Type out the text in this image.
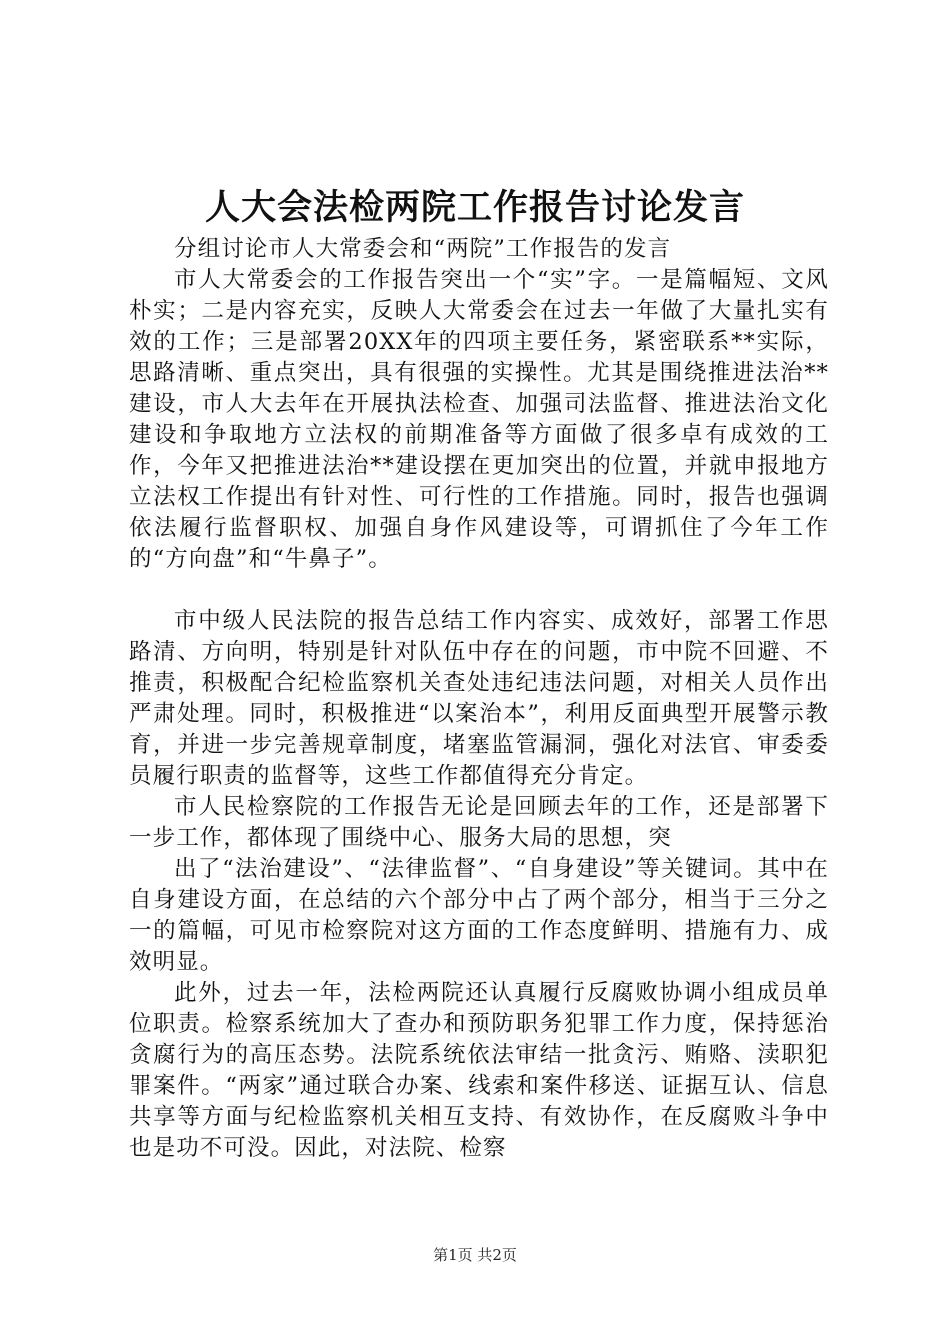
人大会法检两院工作报告讨论发言

分组讨论市人大常委会和“两院”工作报告的发言

市人大常委会的工作报告突出一个“实”字。一是篇幅短、文风朴实；二是内容充实，反映人大常委会在过去一年做了大量扎实有效的工作；三是部署20XX年的四项主要任务，紧密联系**实际，思路清晰、重点突出，具有很强的实操性。尤其是围绕推进法治**建设，市人大去年在开展执法检查、加强司法监督、推进法治文化建设和争取地方立法权的前期准备等方面做了很多卓有成效的工作，今年又把推进法治**建设摆在更加突出的位置，并就申报地方立法权工作提出有针对性、可行性的工作措施。同时，报告也强调依法履行监督职权、加强自身作风建设等，可谓抓住了今年工作的“方向盘”和“牛鼻子”。

市中级人民法院的报告总结工作内容实、成效好，部署工作思路清、方向明，特别是针对队伍中存在的问题，市中院不回避、不推责，积极配合纪检监察机关查处违纪违法问题，对相关人员作出严肃处理。同时，积极推进“以案治本”，利用反面典型开展警示教育，并进一步完善规章制度，堵塞监管漏洞，强化对法官、审委委员履行职责的监督等，这些工作都值得充分肯定。

市人民检察院的工作报告无论是回顾去年的工作，还是部署下一步工作，都体现了围绕中心、服务大局的思想，突

出了“法治建设”、“法律监督”、“自身建设”等关键词。其中在自身建设方面，在总结的六个部分中占了两个部分，相当于三分之一的篇幅，可见市检察院对这方面的工作态度鲜明、措施有力、成效明显。

此外，过去一年，法检两院还认真履行反腐败协调小组成员单位职责。检察系统加大了查办和预防职务犯罪工作力度，保持惩治贪腐行为的高压态势。法院系统依法审结一批贪污、贿赂、渎职犯罪案件。“两家”通过联合办案、线索和案件移送、证据互认、信息共享等方面与纪检监察机关相互支持、有效协作，在反腐败斗争中也是功不可没。因此，对法院、检察

第1页 共2页
